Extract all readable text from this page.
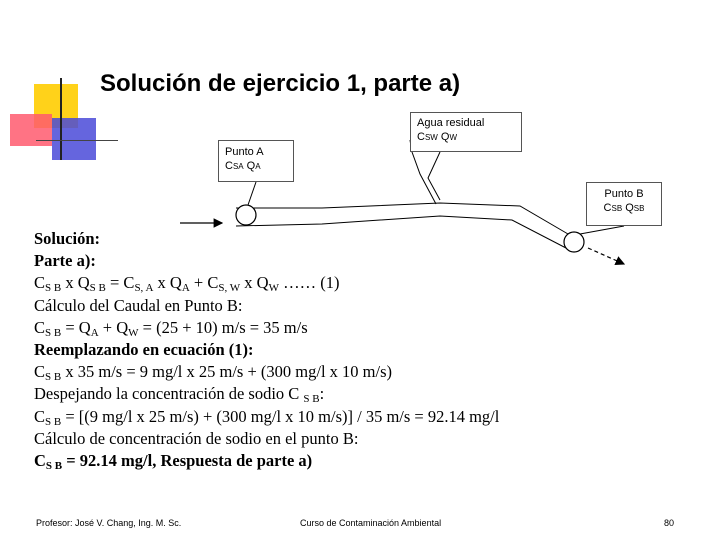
Solución de ejercicio 1, parte a)
Agua residual
CSW QW
Punto A
CSA QA
Punto B
CSB QSB
Solución:
Parte a):
$C_{S B}$ x $Q_{S B} = C_{S, A}$ x $Q_A + C_{S, W}$ x $Q_W$ …… (1)
Cálculo del Caudal en Punto B:
$C_{S B} = Q_A + Q_W = (25 + 10) m/s = 35$ m/s
Reemplazando en ecuación (1):
$C_{S B}$ x 35 m/s = 9 mg/l x 25 m/s + (300 mg/l x 10 m/s)
Despejando la concentración de sodio C $_{S B}$:
$C_{S B} = [(9$ mg/l x 25 m/s) + (300 mg/l x 10 m/s)] / 35 m/s = 92.14 mg/l
Cálculo de concentración de sodio en el punto B:
$C_{S B} = 92.14$ mg/l, Respuesta de parte a)
Profesor: José V. Chang, Ing. M. Sc.	Curso de Contaminación Ambiental	80
